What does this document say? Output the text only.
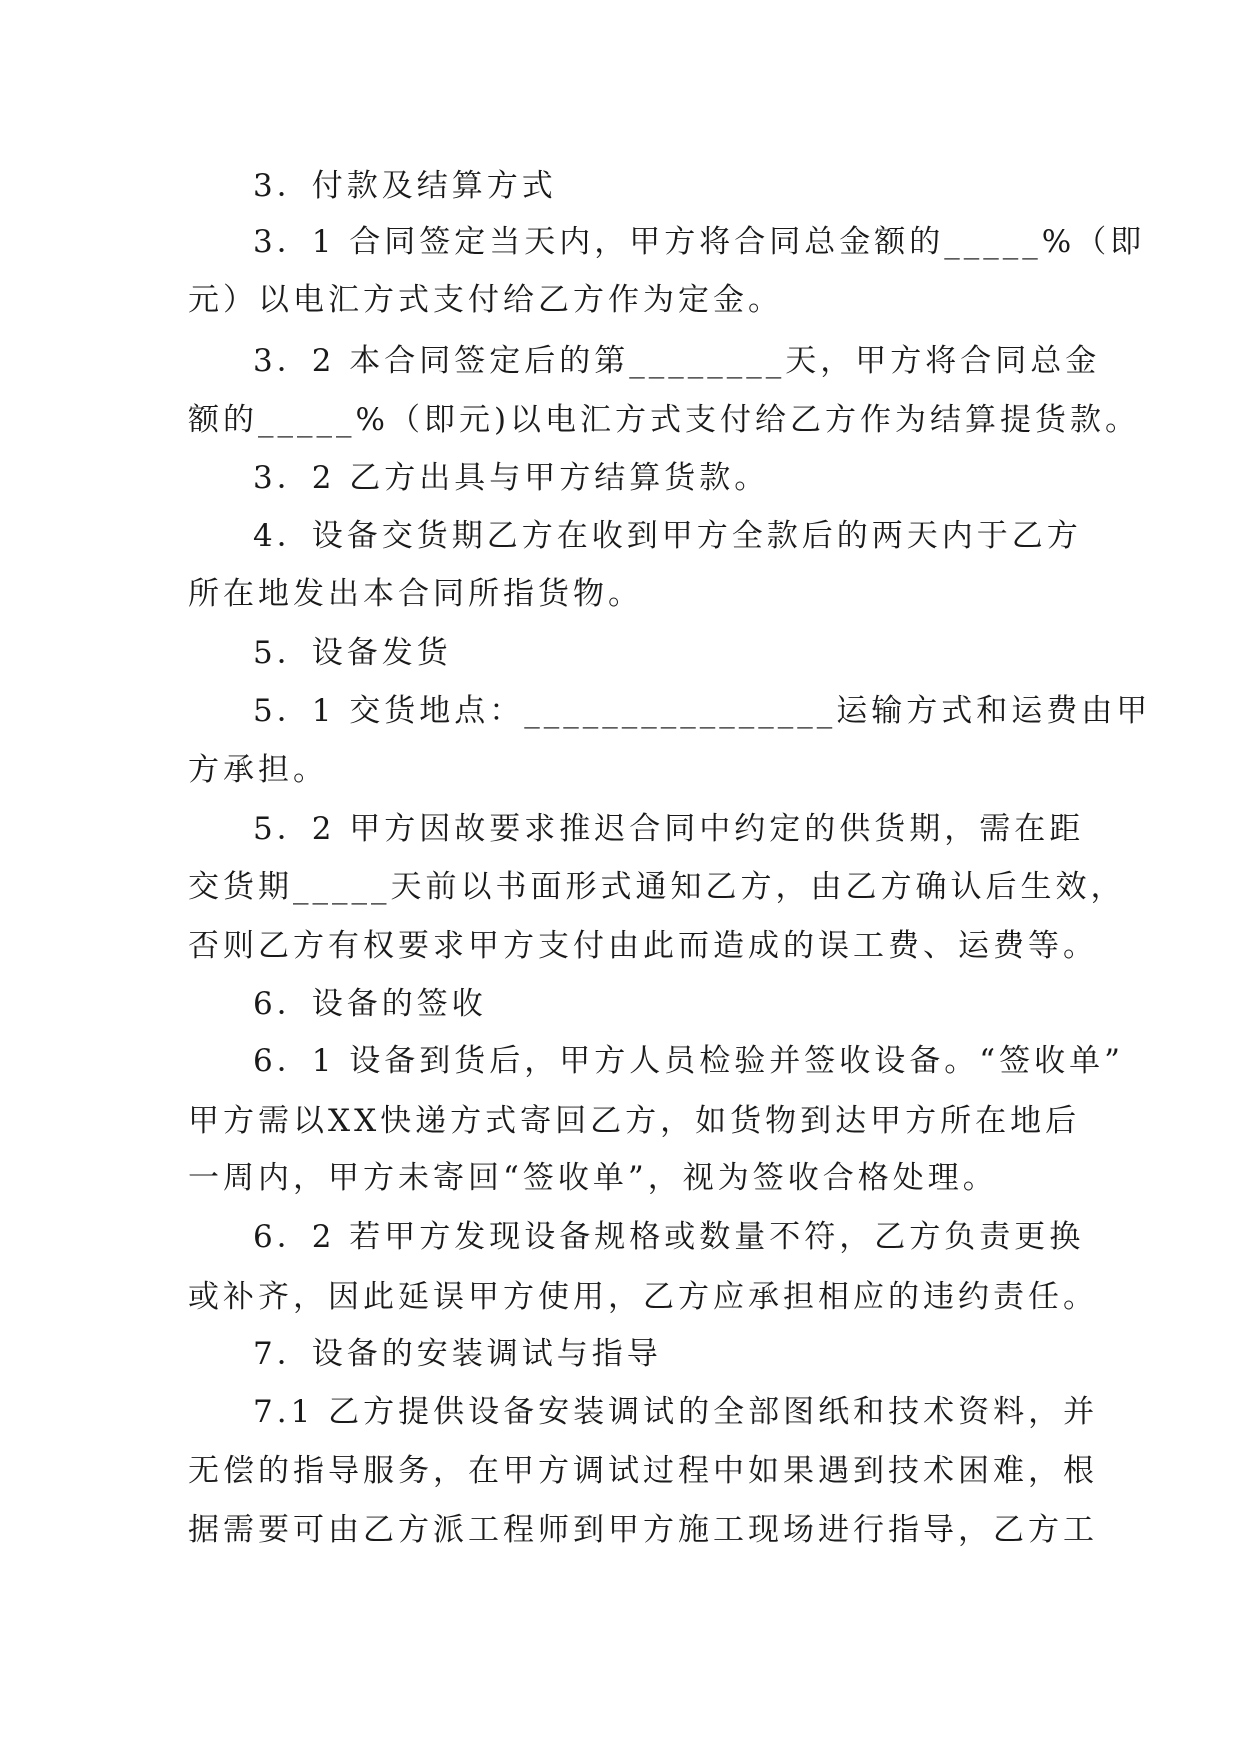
3．付款及结算方式
3．1 合同签定当天内，甲方将合同总金额的_____%（即
元）以电汇方式支付给乙方作为定金。
3．2 本合同签定后的第________天，甲方将合同总金
额的_____%（即元)以电汇方式支付给乙方作为结算提货款。
3．2 乙方出具与甲方结算货款。
4．设备交货期乙方在收到甲方全款后的两天内于乙方
所在地发出本合同所指货物。
5．设备发货
5．1 交货地点：________________运输方式和运费由甲
方承担。
5．2 甲方因故要求推迟合同中约定的供货期，需在距
交货期_____天前以书面形式通知乙方，由乙方确认后生效，
否则乙方有权要求甲方支付由此而造成的误工费、运费等。
6．设备的签收
6．1 设备到货后，甲方人员检验并签收设备。“签收单”
甲方需以XX快递方式寄回乙方，如货物到达甲方所在地后
一周内，甲方未寄回“签收单”，视为签收合格处理。
6．2 若甲方发现设备规格或数量不符，乙方负责更换
或补齐，因此延误甲方使用，乙方应承担相应的违约责任。
7．设备的安装调试与指导
7.1 乙方提供设备安装调试的全部图纸和技术资料，并
无偿的指导服务，在甲方调试过程中如果遇到技术困难，根
据需要可由乙方派工程师到甲方施工现场进行指导，乙方工
